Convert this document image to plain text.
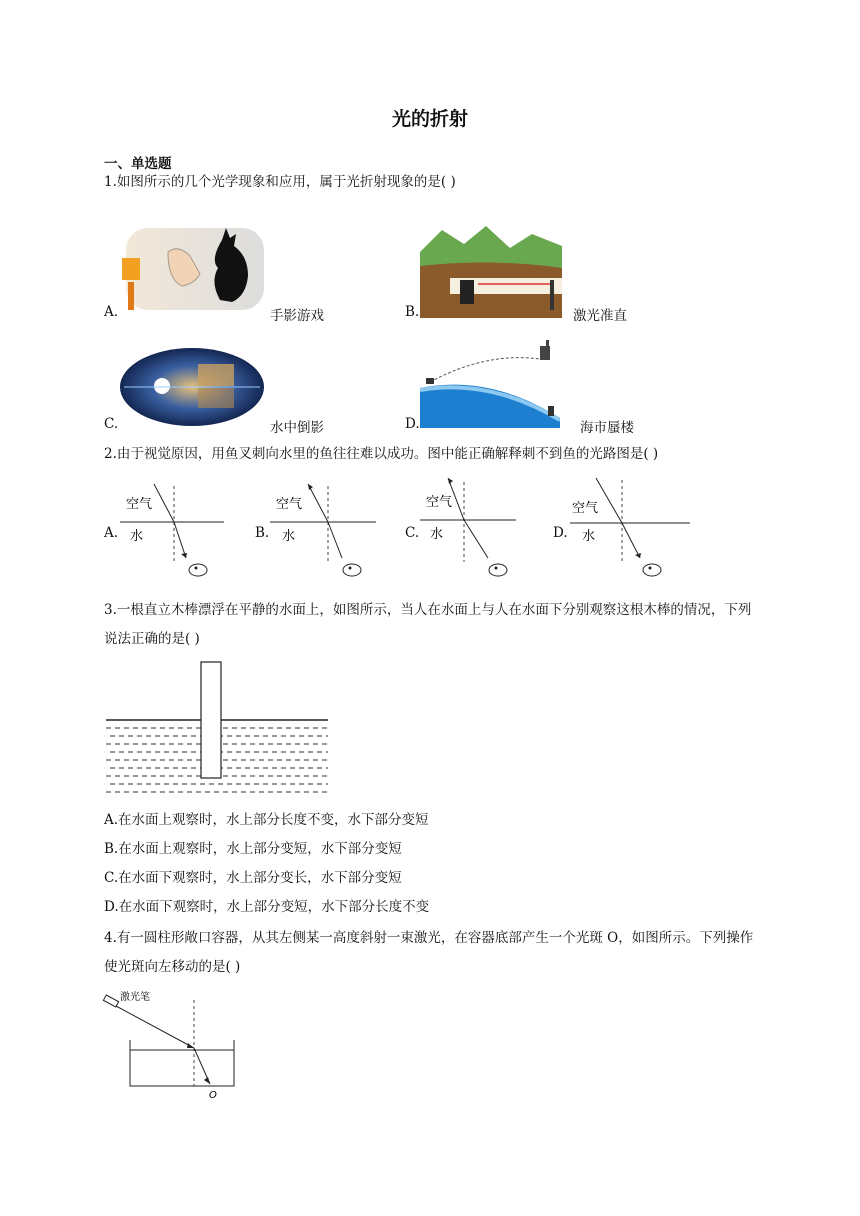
光的折射
一、单选题
1.如图所示的几个光学现象和应用，属于光折射现象的是( )
A.	手影游戏	B.	激光准直
C.	水中倒影	D.	海市蜃楼
2.由于视觉原因，用鱼叉刺向水里的鱼往往难以成功。图中能正确解释刺不到鱼的光路图是( )
A.
空气
水	B.
空气
水	C.
空气
水	D.
空气
水
3.一根直立木棒漂浮在平静的水面上，如图所示，当人在水面上与人在水面下分别观察这根木棒的情况，下列说法正确的是( )
A.在水面上观察时，水上部分长度不变，水下部分变短
B.在水面上观察时，水上部分变短，水下部分变短
C.在水面下观察时，水上部分变长，水下部分变短
D.在水面下观察时，水上部分变短，水下部分长度不变
4.有一圆柱形敞口容器，从其左侧某一高度斜射一束激光，在容器底部产生一个光斑 O，如图所示。下列操作使光斑向左移动的是( )
激光笔
O
